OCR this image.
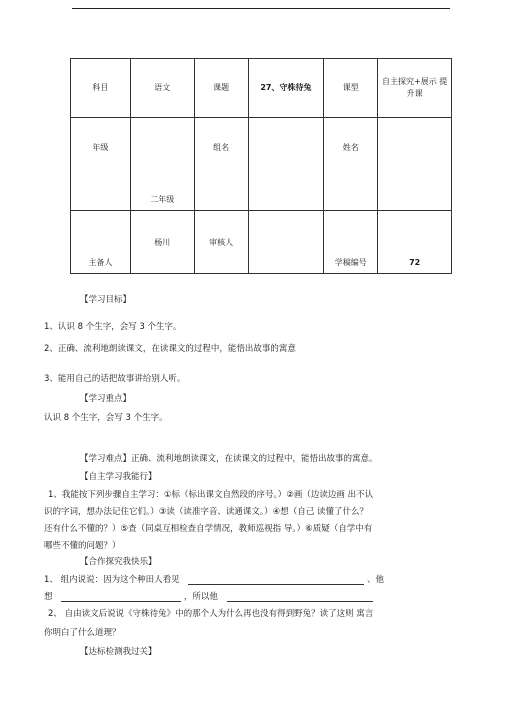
科目	语文	课题	27、守株待兔	课型	自主探究+展示 提升课

年级	二年级	组名		姓名	

主备人	杨川	审核人		学稿编号	72
【学习目标】
1、认识 8 个生字，会写 3 个生字。
2、正确、流利地朗读课文，在读课文的过程中，能悟出故事的寓意
3、能用自己的话把故事讲给别人听。
【学习重点】
认识 8 个生字，会写 3 个生字。
【学习难点】正确、流利地朗读课文，在读课文的过程中，能悟出故事的寓意。
【自主学习我能行】
1、我能按下列步骤自主学习：①标（标出课文自然段的序号。）②画（边读边画 出不认
识的字词，想办法记住它们。）③读（读准字音、读通课文。）④想（自己 读懂了什么？
还有什么不懂的？）⑤查（同桌互相检查自学情况，教师巡视指 导。）⑥质疑（自学中有
哪些不懂的问题？）
【合作探究我快乐】
1、 组内说说：因为这个种田人看见	、他
想	，所以他
2、 自由读文后说说《守株待兔》中的那个人为什么再也没有得到野兔？读了这则 寓言
你明白了什么道理？
【达标检测我过关】
